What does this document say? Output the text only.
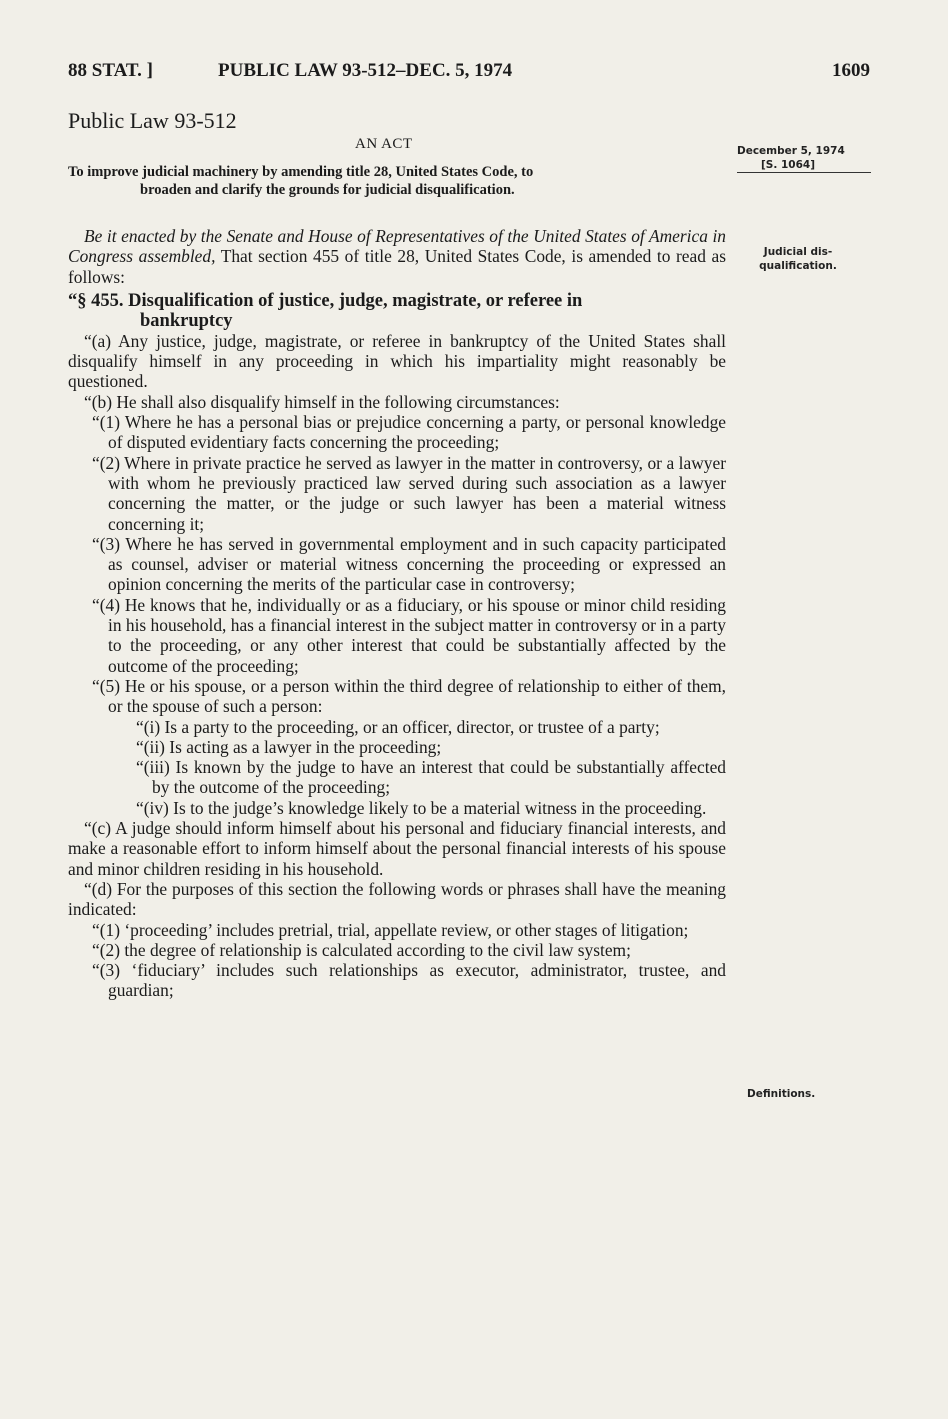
88 STAT. ]	PUBLIC LAW 93-512–DEC. 5, 1974	1609
Public Law 93-512
AN ACT
To improve judicial machinery by amending title 28, United States Code, to
broaden and clarify the grounds for judicial disqualification.
December 5, 1974
[S. 1064]
Judicial dis-
qualification.
Definitions.

Be it enacted by the Senate and House of Representatives of the United States of America in Congress assembled, That section 455 of title 28, United States Code, is amended to read as follows:

“§ 455. Disqualification of justice, judge, magistrate, or referee in
bankruptcy

“(a) Any justice, judge, magistrate, or referee in bankruptcy of the United States shall disqualify himself in any proceeding in which his impartiality might reasonably be questioned.

“(b) He shall also disqualify himself in the following circumstances:

“(1) Where he has a personal bias or prejudice concerning a party, or personal knowledge of disputed evidentiary facts concerning the proceeding;

“(2) Where in private practice he served as lawyer in the matter in controversy, or a lawyer with whom he previously practiced law served during such association as a lawyer concerning the matter, or the judge or such lawyer has been a material witness concerning it;

“(3) Where he has served in governmental employment and in such capacity participated as counsel, adviser or material witness concerning the proceeding or expressed an opinion concerning the merits of the particular case in controversy;

“(4) He knows that he, individually or as a fiduciary, or his spouse or minor child residing in his household, has a financial interest in the subject matter in controversy or in a party to the proceeding, or any other interest that could be substantially affected by the outcome of the proceeding;

“(5) He or his spouse, or a person within the third degree of relationship to either of them, or the spouse of such a person:

“(i) Is a party to the proceeding, or an officer, director, or trustee of a party;

“(ii) Is acting as a lawyer in the proceeding;

“(iii) Is known by the judge to have an interest that could be substantially affected by the outcome of the proceeding;

“(iv) Is to the judge’s knowledge likely to be a material witness in the proceeding.

“(c) A judge should inform himself about his personal and fiduciary financial interests, and make a reasonable effort to inform himself about the personal financial interests of his spouse and minor children residing in his household.

“(d) For the purposes of this section the following words or phrases shall have the meaning indicated:

“(1) ‘proceeding’ includes pretrial, trial, appellate review, or other stages of litigation;

“(2) the degree of relationship is calculated according to the civil law system;

“(3) ‘fiduciary’ includes such relationships as executor, administrator, trustee, and guardian;
